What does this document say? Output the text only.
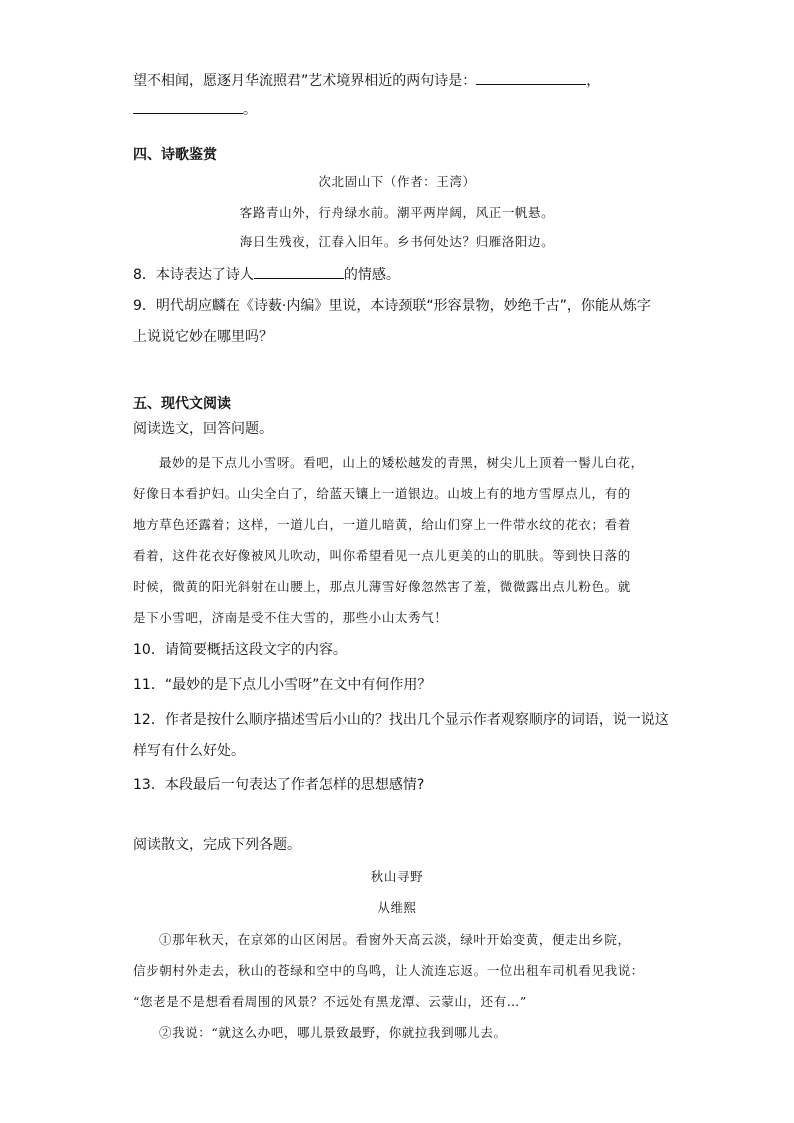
望不相闻，愿逐月华流照君”艺术境界相近的两句诗是：	，
。
四、诗歌鉴赏
次北固山下（作者：王湾）
客路青山外，行舟绿水前。潮平两岸阔，风正一帆悬。
海日生残夜，江春入旧年。乡书何处达？归雁洛阳边。
8．本诗表达了诗人	的情感。
9．明代胡应麟在《诗薮·内编》里说，本诗颈联“形容景物，妙绝千古”，你能从炼字
上说说它妙在哪里吗？
五、现代文阅读
阅读选文，回答问题。
最妙的是下点儿小雪呀。看吧，山上的矮松越发的青黑，树尖儿上顶着一髻儿白花，
好像日本看护妇。山尖全白了，给蓝天镶上一道银边。山坡上有的地方雪厚点儿，有的
地方草色还露着；这样，一道儿白，一道儿暗黄，给山们穿上一件带水纹的花衣；看着
看着，这件花衣好像被风儿吹动，叫你希望看见一点儿更美的山的肌肤。等到快日落的
时候，微黄的阳光斜射在山腰上，那点儿薄雪好像忽然害了羞，微微露出点儿粉色。就
是下小雪吧，济南是受不住大雪的，那些小山太秀气！
10．请简要概括这段文字的内容。
11．“最妙的是下点儿小雪呀”在文中有何作用？
12．作者是按什么顺序描述雪后小山的？找出几个显示作者观察顺序的词语，说一说这
样写有什么好处。
13．本段最后一句表达了作者怎样的思想感情?
阅读散文，完成下列各题。
秋山寻野
从维熙
①那年秋天，在京郊的山区闲居。看窗外天高云淡，绿叶开始变黄，便走出乡院，
信步朝村外走去，秋山的苍绿和空中的鸟鸣，让人流连忘返。一位出租车司机看见我说：
“您老是不是想看看周围的风景？不远处有黑龙潭、云蒙山，还有…”
②我说：“就这么办吧，哪儿景致最野，你就拉我到哪儿去。
